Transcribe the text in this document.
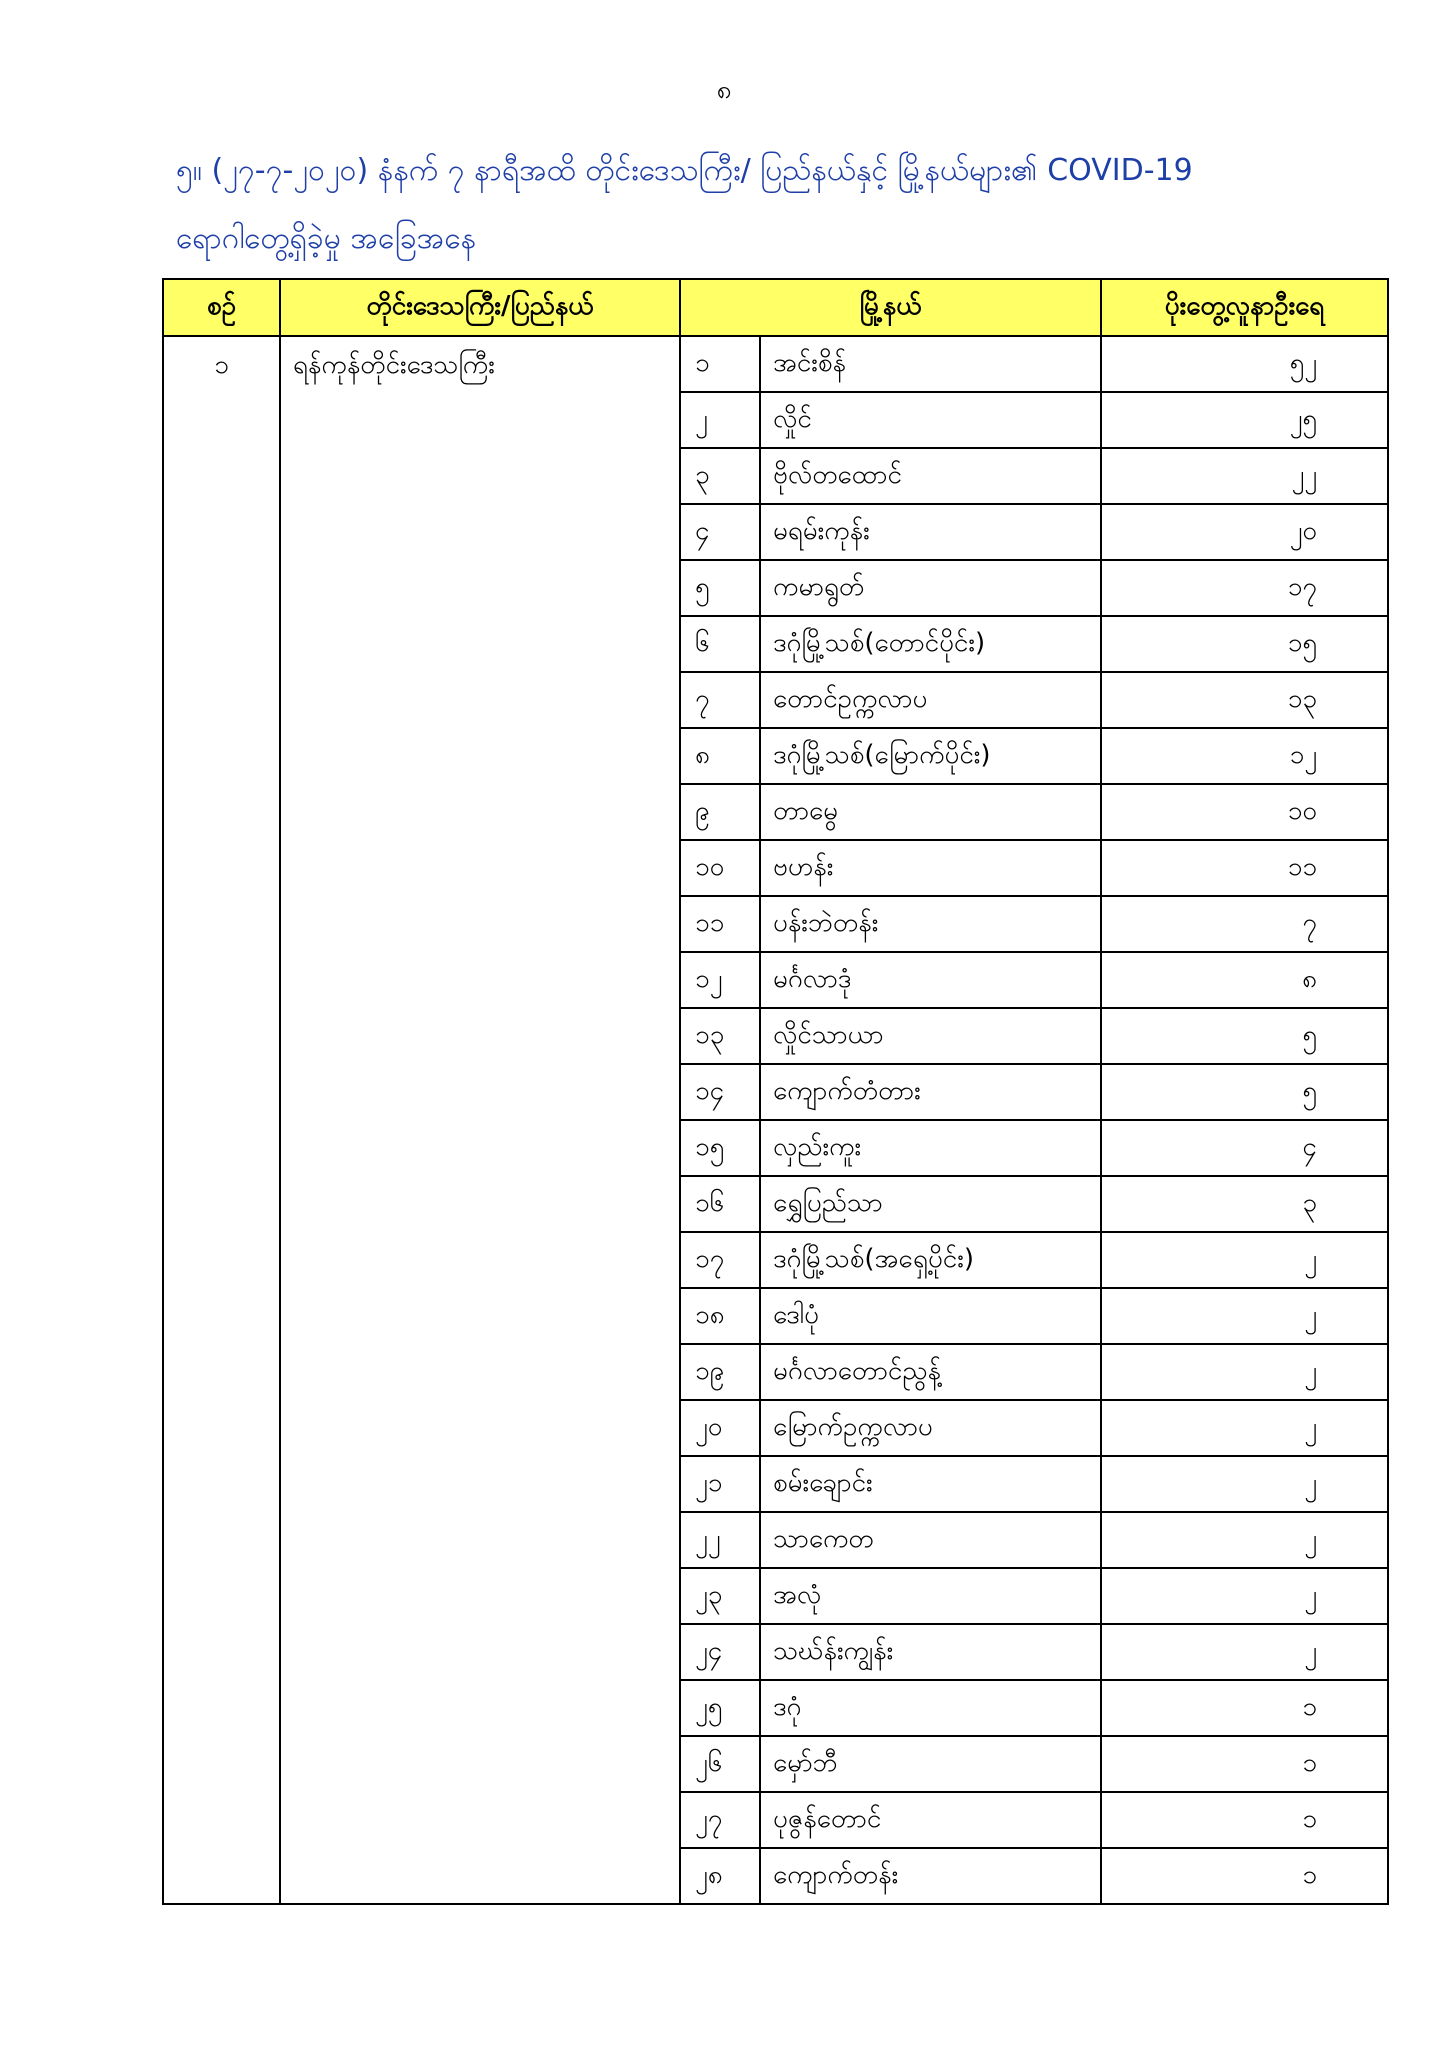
၈
၅။ (၂၇-၇-၂၀၂၀) နံနက် ၇ နာရီအထိ တိုင်းဒေသကြီး/ ပြည်နယ်နှင့် မြို့နယ်များ၏ COVID-19
ရောဂါတွေ့ရှိခဲ့မှု အခြေအနေ
စဉ်	တိုင်းဒေသကြီး/ပြည်နယ်	မြို့နယ်		ပိုးတွေ့လူနာဦးရေ
၁	ရန်ကုန်တိုင်းဒေသကြီး	၁	အင်းစိန်	၅၂
		၂	လှိုင်	၂၅
		၃	ဗိုလ်တထောင်	၂၂
		၄	မရမ်းကုန်း	၂၀
		၅	ကမာရွတ်	၁၇
		၆	ဒဂုံမြို့သစ်(တောင်ပိုင်း)	၁၅
		၇	တောင်ဥက္ကလာပ	၁၃
		၈	ဒဂုံမြို့သစ်(မြောက်ပိုင်း)	၁၂
		၉	တာမွေ	၁၀
		၁၀	ဗဟန်း	၁၁
		၁၁	ပန်းဘဲတန်း	၇
		၁၂	မင်္ဂလာဒုံ	၈
		၁၃	လှိုင်သာယာ	၅
		၁၄	ကျောက်တံတား	၅
		၁၅	လှည်းကူး	၄
		၁၆	ရွှေပြည်သာ	၃
		၁၇	ဒဂုံမြို့သစ်(အရှေ့ပိုင်း)	၂
		၁၈	ဒေါပုံ	၂
		၁၉	မင်္ဂလာတောင်ညွန့်	၂
		၂၀	မြောက်ဥက္ကလာပ	၂
		၂၁	စမ်းချောင်း	၂
		၂၂	သာကေတ	၂
		၂၃	အလုံ	၂
		၂၄	သဃ်န်းကျွန်း	၂
		၂၅	ဒဂုံ	၁
		၂၆	မှော်ဘီ	၁
		၂၇	ပုဇွန်တောင်	၁
		၂၈	ကျောက်တန်း	၁
